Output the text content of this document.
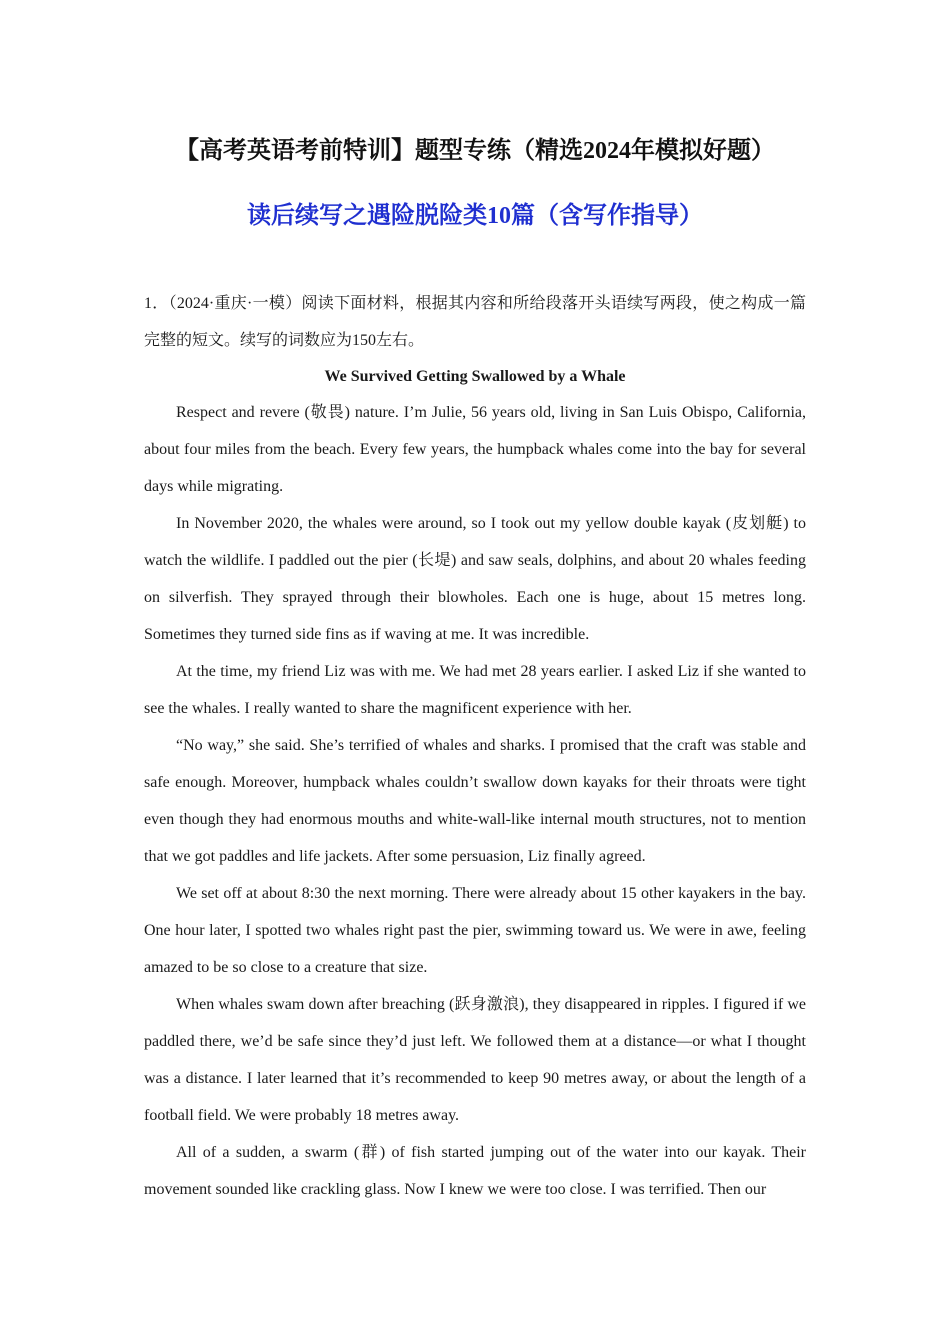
【高考英语考前特训】题型专练（精选2024年模拟好题）
读后续写之遇险脱险类10篇（含写作指导）

1．（2024·重庆·一模）阅读下面材料，根据其内容和所给段落开头语续写两段，使之构成一篇完整的短文。续写的词数应为150左右。

We Survived Getting Swallowed by a Whale

Respect and revere (敬畏) nature. I’m Julie, 56 years old, living in San Luis Obispo, California, about four miles from the beach. Every few years, the humpback whales come into the bay for several days while migrating.

In November 2020, the whales were around, so I took out my yellow double kayak (皮划艇) to watch the wildlife. I paddled out the pier (长堤) and saw seals, dolphins, and about 20 whales feeding on silverfish. They sprayed through their blowholes. Each one is huge, about 15 metres long. Sometimes they turned side fins as if waving at me. It was incredible.

At the time, my friend Liz was with me. We had met 28 years earlier. I asked Liz if she wanted to see the whales. I really wanted to share the magnificent experience with her.

“No way,” she said. She’s terrified of whales and sharks. I promised that the craft was stable and safe enough. Moreover, humpback whales couldn’t swallow down kayaks for their throats were tight even though they had enormous mouths and white-wall-like internal mouth structures, not to mention that we got paddles and life jackets. After some persuasion, Liz finally agreed.

We set off at about 8:30 the next morning. There were already about 15 other kayakers in the bay. One hour later, I spotted two whales right past the pier, swimming toward us. We were in awe, feeling amazed to be so close to a creature that size.

When whales swam down after breaching (跃身激浪), they disappeared in ripples. I figured if we paddled there, we’d be safe since they’d just left. We followed them at a distance—or what I thought was a distance. I later learned that it’s recommended to keep 90 metres away, or about the length of a football field. We were probably 18 metres away.

All of a sudden, a swarm (群) of fish started jumping out of the water into our kayak. Their movement sounded like crackling glass. Now I knew we were too close. I was terrified. Then our
